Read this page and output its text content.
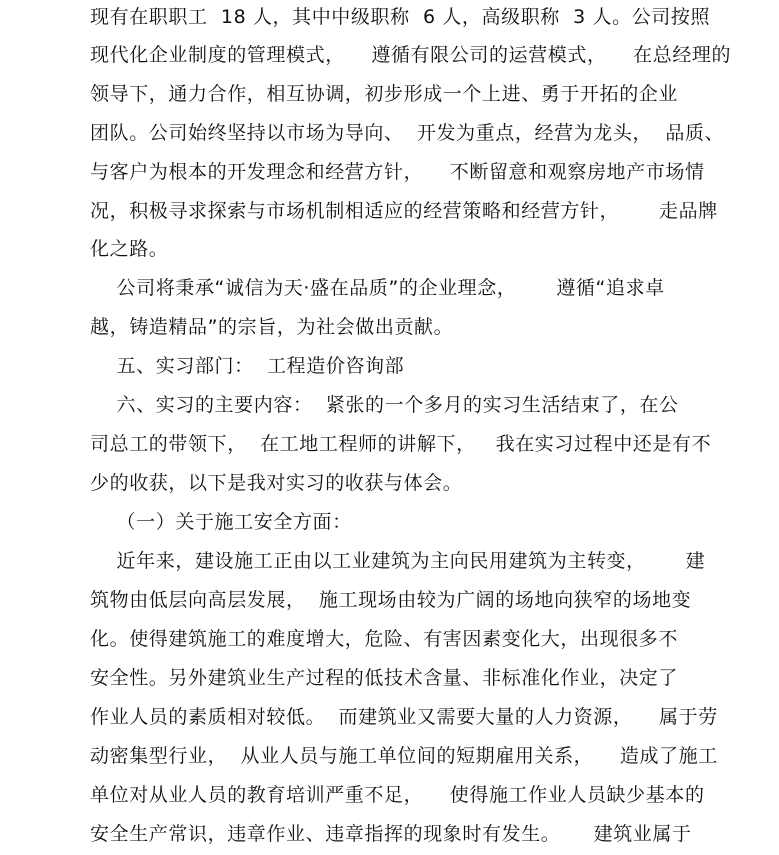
现有在职职工  18 人，其中中级职称  6 人，高级职称  3 人。公司按照
现代化企业制度的管理模式，    遵循有限公司的运营模式，    在总经理的
领导下，通力合作，相互协调，初步形成一个上进、勇于开拓的企业
团队。公司始终坚持以市场为导向、  开发为重点，经营为龙头，  品质、
与客户为根本的开发理念和经营方针，    不断留意和观察房地产市场情
况，积极寻求探索与市场机制相适应的经营策略和经营方针，      走品牌
化之路。
公司将秉承“诚信为天·盛在品质”的企业理念，      遵循“追求卓
越，铸造精品”的宗旨，为社会做出贡献。
五、实习部门：  工程造价咨询部
六、实习的主要内容：  紧张的一个多月的实习生活结束了，在公
司总工的带领下，  在工地工程师的讲解下，   我在实习过程中还是有不
少的收获，以下是我对实习的收获与体会。
（一）关于施工安全方面：
近年来，建设施工正由以工业建筑为主向民用建筑为主转变，      建
筑物由低层向高层发展，  施工现场由较为广阔的场地向狭窄的场地变
化。使得建筑施工的难度增大，危险、有害因素变化大，出现很多不
安全性。另外建筑业生产过程的低技术含量、非标准化作业，决定了
作业人员的素质相对较低。  而建筑业又需要大量的人力资源，    属于劳
动密集型行业，  从业人员与施工单位间的短期雇用关系，    造成了施工
单位对从业人员的教育培训严重不足，    使得施工作业人员缺少基本的
安全生产常识，违章作业、违章指挥的现象时有发生。     建筑业属于
